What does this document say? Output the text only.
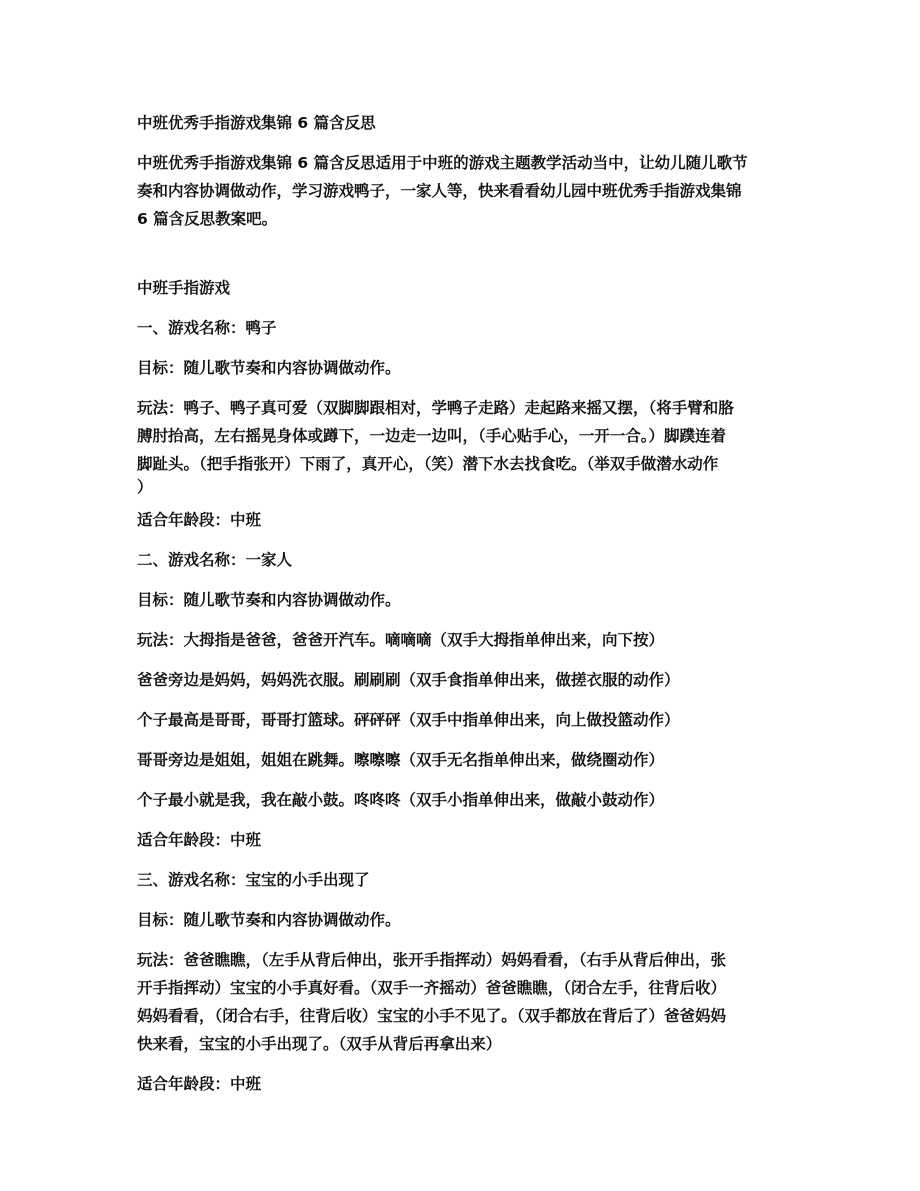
中班优秀手指游戏集锦 6 篇含反思

中班优秀手指游戏集锦 6 篇含反思适用于中班的游戏主题教学活动当中，让幼儿随儿歌节
奏和内容协调做动作，学习游戏鸭子，一家人等，快来看看幼儿园中班优秀手指游戏集锦
6 篇含反思教案吧。

中班手指游戏

一、游戏名称：鸭子

目标：随儿歌节奏和内容协调做动作。

玩法：鸭子、鸭子真可爱（双脚脚跟相对，学鸭子走路）走起路来摇又摆，（将手臂和胳
膊肘抬高，左右摇晃身体或蹲下，一边走一边叫，（手心贴手心，一开一合。）脚蹼连着
脚趾头。（把手指张开）下雨了，真开心，（笑）潜下水去找食吃。（举双手做潜水动作
）

适合年龄段：中班

二、游戏名称：一家人

目标：随儿歌节奏和内容协调做动作。

玩法：大拇指是爸爸，爸爸开汽车。嘀嘀嘀（双手大拇指单伸出来，向下按）

爸爸旁边是妈妈，妈妈洗衣服。刷刷刷（双手食指单伸出来，做搓衣服的动作）

个子最高是哥哥，哥哥打篮球。砰砰砰（双手中指单伸出来，向上做投篮动作）

哥哥旁边是姐姐，姐姐在跳舞。嚓嚓嚓（双手无名指单伸出来，做绕圈动作）

个子最小就是我，我在敲小鼓。咚咚咚（双手小指单伸出来，做敲小鼓动作）

适合年龄段：中班

三、游戏名称：宝宝的小手出现了

目标：随儿歌节奏和内容协调做动作。

玩法：爸爸瞧瞧，（左手从背后伸出，张开手指挥动）妈妈看看，（右手从背后伸出，张
开手指挥动）宝宝的小手真好看。（双手一齐摇动）爸爸瞧瞧，（闭合左手，往背后收）
妈妈看看，（闭合右手，往背后收）宝宝的小手不见了。（双手都放在背后了）爸爸妈妈
快来看，宝宝的小手出现了。（双手从背后再拿出来）

适合年龄段：中班
